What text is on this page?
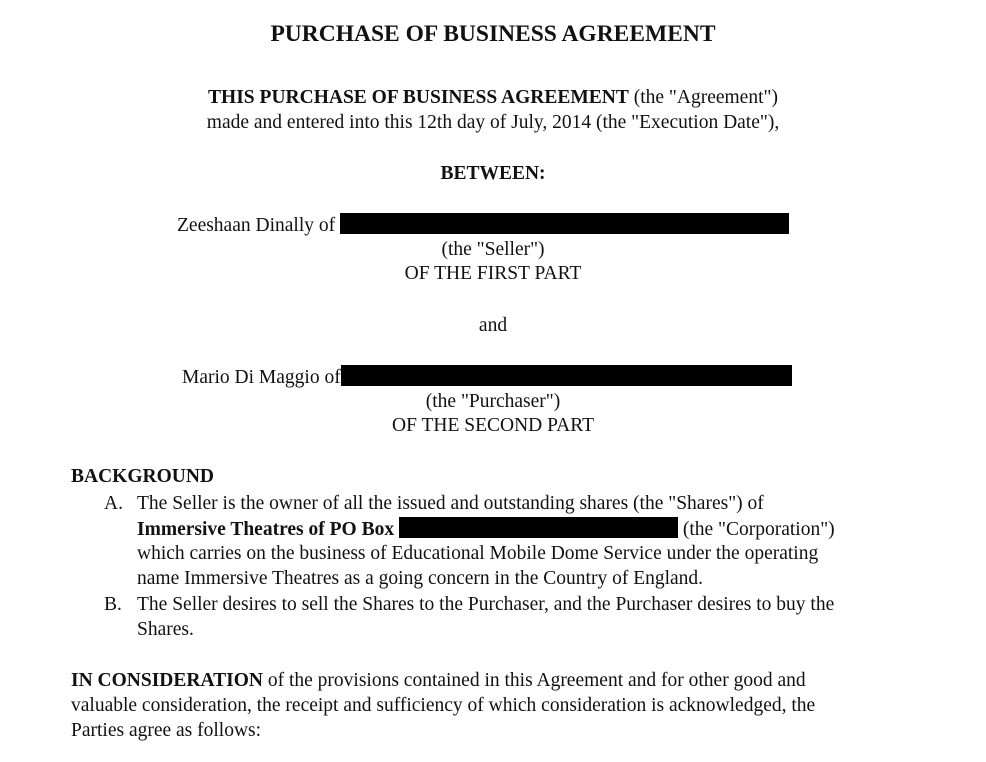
PURCHASE OF BUSINESS AGREEMENT
THIS PURCHASE OF BUSINESS AGREEMENT (the "Agreement")
made and entered into this 12th day of July, 2014 (the "Execution Date"),
BETWEEN:
Zeeshaan Dinally of
(the "Seller")
OF THE FIRST PART
and
Mario Di Maggio of
(the "Purchaser")
OF THE SECOND PART
BACKGROUND
A. The Seller is the owner of all the issued and outstanding shares (the "Shares") of
Immersive Theatres of PO Box	(the "Corporation")
which carries on the business of Educational Mobile Dome Service under the operating
name Immersive Theatres as a going concern in the Country of England.
B. The Seller desires to sell the Shares to the Purchaser, and the Purchaser desires to buy the
Shares.
IN CONSIDERATION of the provisions contained in this Agreement and for other good and
valuable consideration, the receipt and sufficiency of which consideration is acknowledged, the
Parties agree as follows:
